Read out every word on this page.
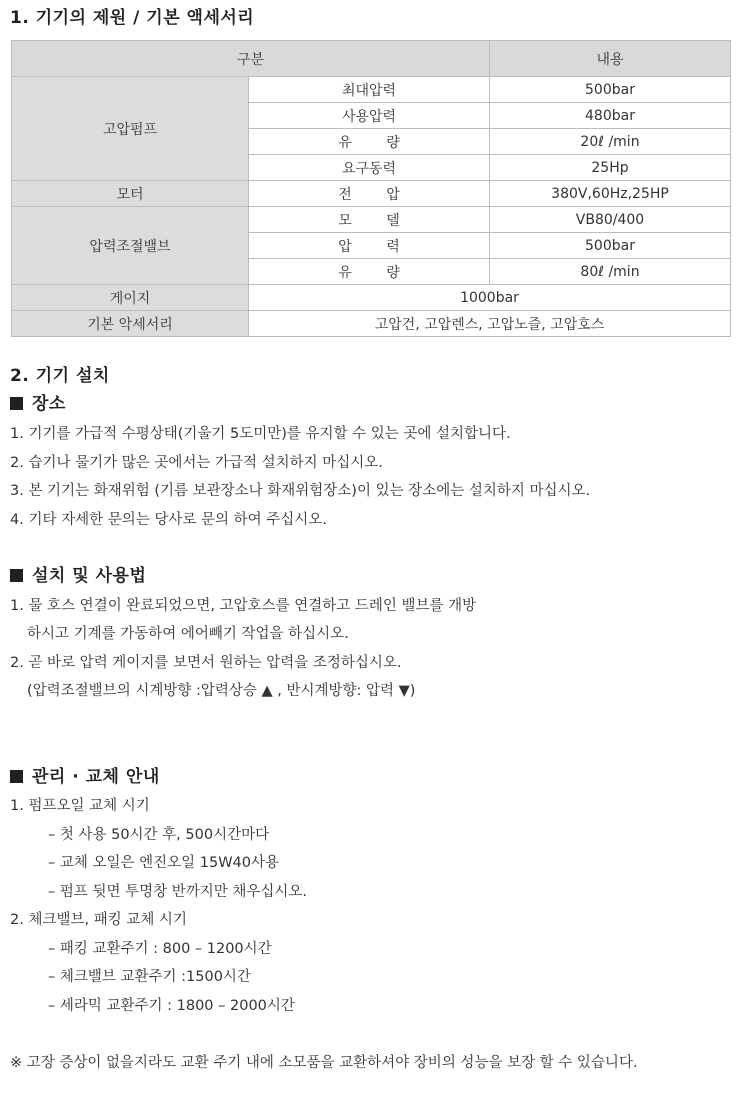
1. 기기의 제원 / 기본 액세서리
구분		내용
고압펌프	최대압력	500bar
	사용압력	480bar
	유 량	20ℓ /min
	요구동력	25Hp
모터	전 압	380V,60Hz,25HP
압력조절밸브	모 델	VB80/400
	압 력	500bar
	유 량	80ℓ /min
게이지	1000bar	
기본 악세서리	고압건, 고압렌스, 고압노즐, 고압호스	
2. 기기 설치
장소
1. 기기를 가급적 수평상태(기울기 5도미만)를 유지할 수 있는 곳에 설치합니다.
2. 습기나 물기가 많은 곳에서는 가급적 설치하지 마십시오.
3. 본 기기는 화재위험 (기름 보관장소나 화재위험장소)이 있는 장소에는 설치하지 마십시오.
4. 기타 자세한 문의는 당사로 문의 하여 주십시오.
설치 및 사용법
1. 물 호스 연결이 완료되었으면, 고압호스를 연결하고 드레인 밸브를 개방
하시고 기계를 가동하여 에어빼기 작업을 하십시오.
2. 곧 바로 압력 게이지를 보면서 원하는 압력을 조정하십시오.
(압력조절밸브의 시계방향 :압력상승 ▲ , 반시계방향: 압력 ▼)
관리 · 교체 안내
1. 펌프오일 교체 시기
– 첫 사용 50시간 후, 500시간마다
– 교체 오일은 엔진오일 15W40사용
– 펌프 뒷면 투명창 반까지만 채우십시오.
2. 체크밸브, 패킹 교체 시기
– 패킹 교환주기 : 800 – 1200시간
– 체크밸브 교환주기 :1500시간
– 세라믹 교환주기 : 1800 – 2000시간
※ 고장 증상이 없을지라도 교환 주기 내에 소모품을 교환하셔야 장비의 성능을 보장 할 수 있습니다.
